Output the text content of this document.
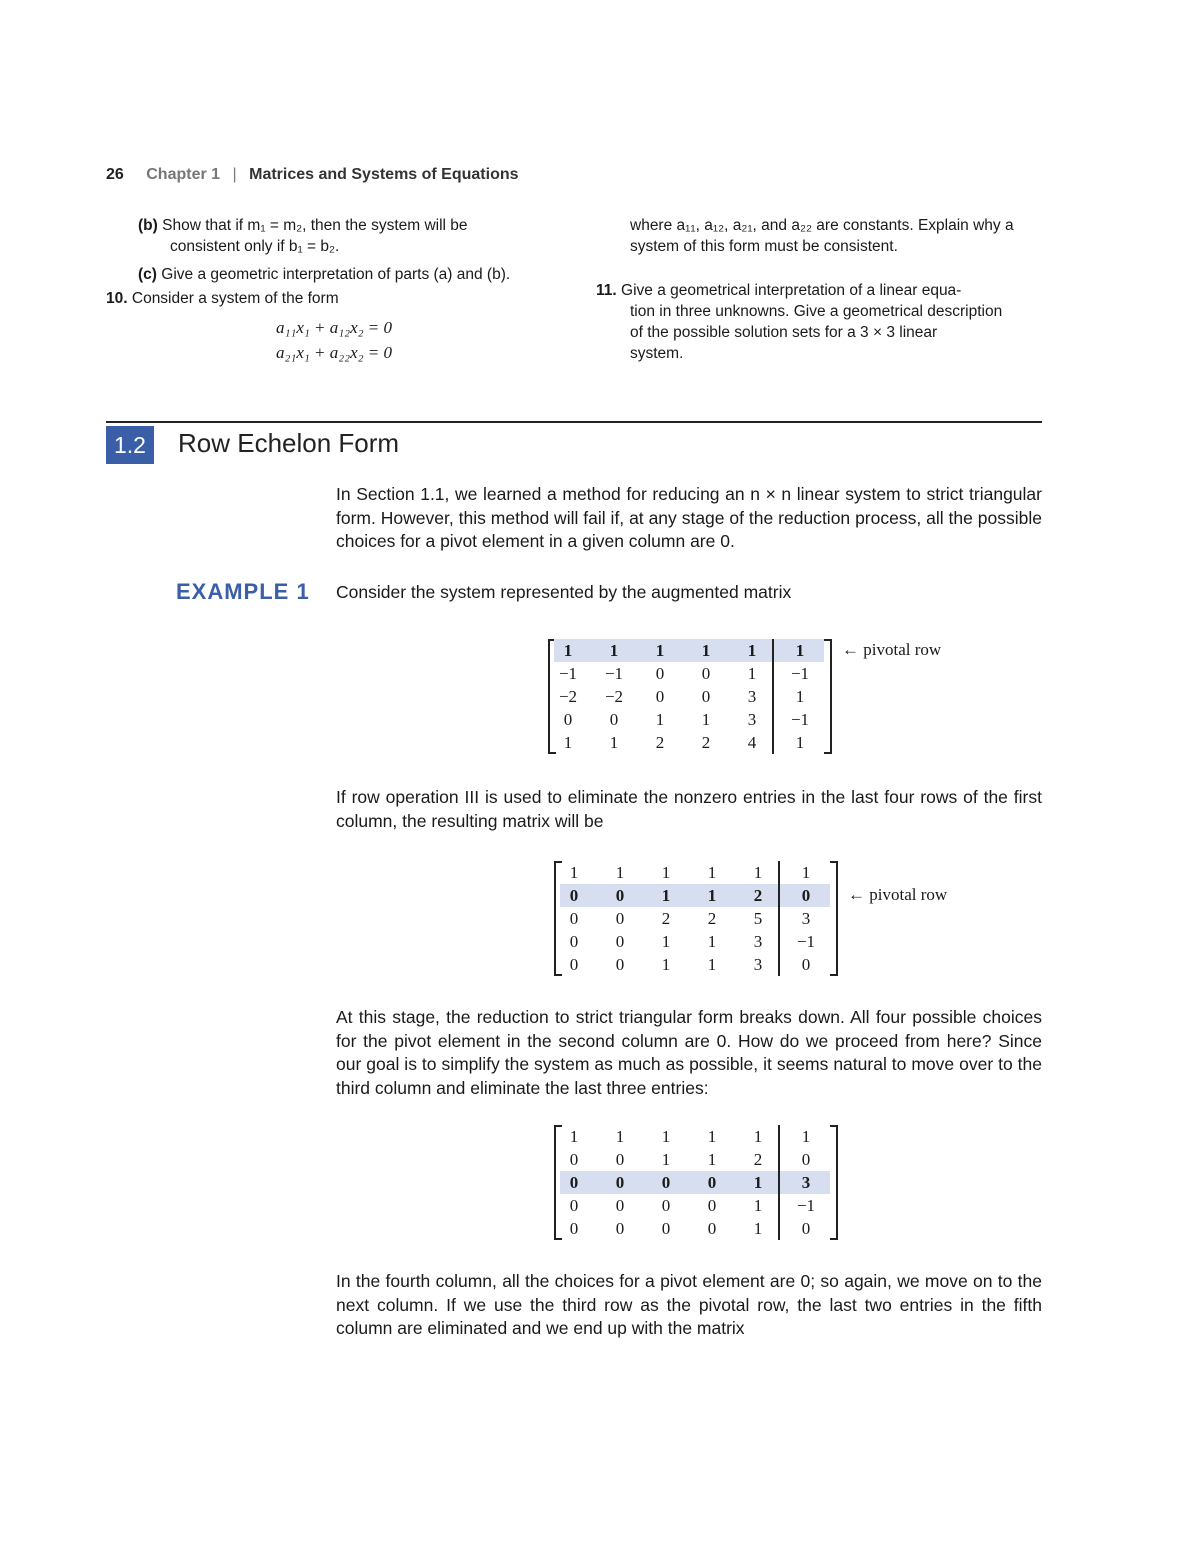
26 Chapter 1 | Matrices and Systems of Equations
(b) Show that if m₁ = m₂, then the system will be
consistent only if b₁ = b₂.
(c) Give a geometric interpretation of parts (a) and (b).
10. Consider a system of the form
a₁₁x₁ + a₁₂x₂ = 0
a₂₁x₁ + a₂₂x₂ = 0
where a₁₁, a₁₂, a₂₁, and a₂₂ are constants. Explain why a
system of this form must be consistent.
11. Give a geometrical interpretation of a linear equa-
tion in three unknowns. Give a geometrical description
of the possible solution sets for a 3 × 3 linear
system.
1.2	Row Echelon Form
In Section 1.1, we learned a method for reducing an n × n linear system to strict triangular form. However, this method will fail if, at any stage of the reduction process, all the possible choices for a pivot element in a given column are 0.
EXAMPLE 1 Consider the system represented by the augmented matrix
1	1	1	1	1	1
−1	−1	0	0	1	−1
−2	−2	0	0	3	1
0	0	1	1	3	−1
1	1	2	2	4	1
← pivotal row
If row operation III is used to eliminate the nonzero entries in the last four rows of the first column, the resulting matrix will be
1	1	1	1	1	1
0	0	1	1	2	0
0	0	2	2	5	3
0	0	1	1	3	−1
0	0	1	1	3	0
← pivotal row
At this stage, the reduction to strict triangular form breaks down. All four possible choices for the pivot element in the second column are 0. How do we proceed from here? Since our goal is to simplify the system as much as possible, it seems natural to move over to the third column and eliminate the last three entries:
1	1	1	1	1	1
0	0	1	1	2	0
0	0	0	0	1	3
0	0	0	0	1	−1
0	0	0	0	1	0
In the fourth column, all the choices for a pivot element are 0; so again, we move on to the next column. If we use the third row as the pivotal row, the last two entries in the fifth column are eliminated and we end up with the matrix
